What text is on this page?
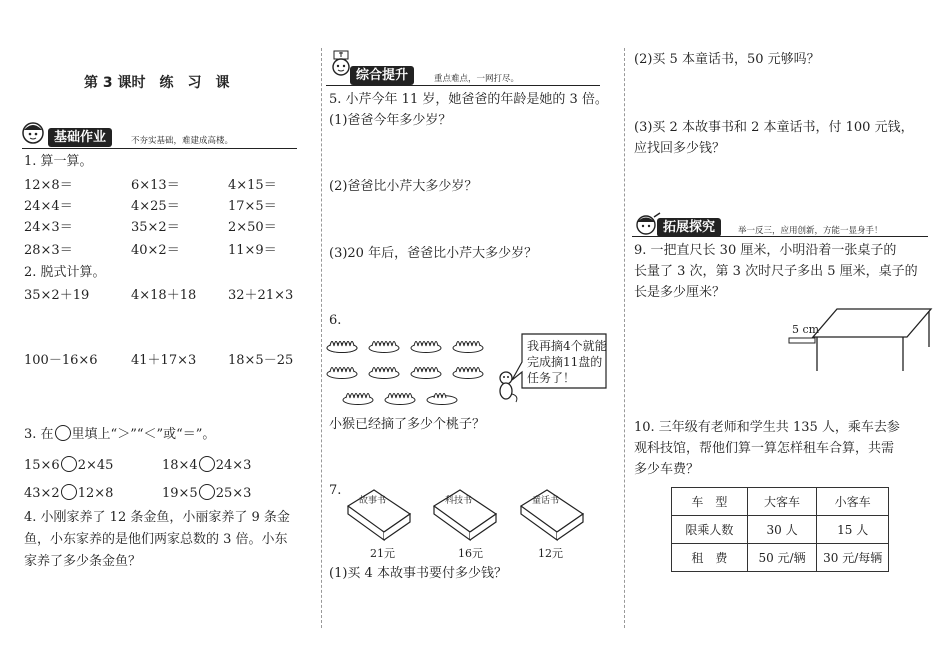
第 3 课时　练　习　课
基础作业	不夯实基础，难建成高楼。
1. 算一算。
12×8＝	6×13＝	4×15＝
24×4＝	4×25＝	17×5＝
24×3＝	35×2＝	2×50＝
28×3＝	40×2＝	11×9＝
2. 脱式计算。
35×2＋19	4×18＋18 32＋21×3
100－16×6	41＋17×3 18×5－25
3. 在 里填上“＞”“＜”或“＝”。
15×6 2×45	18×4 24×3
43×2 12×8	19×5 25×3
4. 小刚家养了 12 条金鱼，小丽家养了 9 条金
鱼，小东家养的是他们两家总数的 3 倍。小东
家养了多少条金鱼？
综合提升	重点难点，一网打尽。
5. 小芹今年 11 岁，她爸爸的年龄是她的 3 倍。
(1)爸爸今年多少岁？
(2)爸爸比小芹大多少岁？
(3)20 年后，爸爸比小芹大多少岁？
6.
我再摘4个就能
完成摘11盘的
任务了！
小猴已经摘了多少个桃子？
7.
故事书
21元
科技书
16元
童话书
12元
(1)买 4 本故事书要付多少钱？
(2)买 5 本童话书，50 元够吗？
(3)买 2 本故事书和 2 本童话书，付 100 元钱，
应找回多少钱？
拓展探究	举一反三，应用创新，方能一显身手！
9. 一把直尺长 30 厘米，小明沿着一张桌子的
长量了 3 次，第 3 次时尺子多出 5 厘米，桌子的
长是多少厘米？
5 cm
10. 三年级有老师和学生共 135 人，乘车去参
观科技馆，帮他们算一算怎样租车合算，共需
多少车费？
车　型	大客车	小客车
限乘人数	30 人	15 人
租　费	50 元/辆	30 元/每辆
